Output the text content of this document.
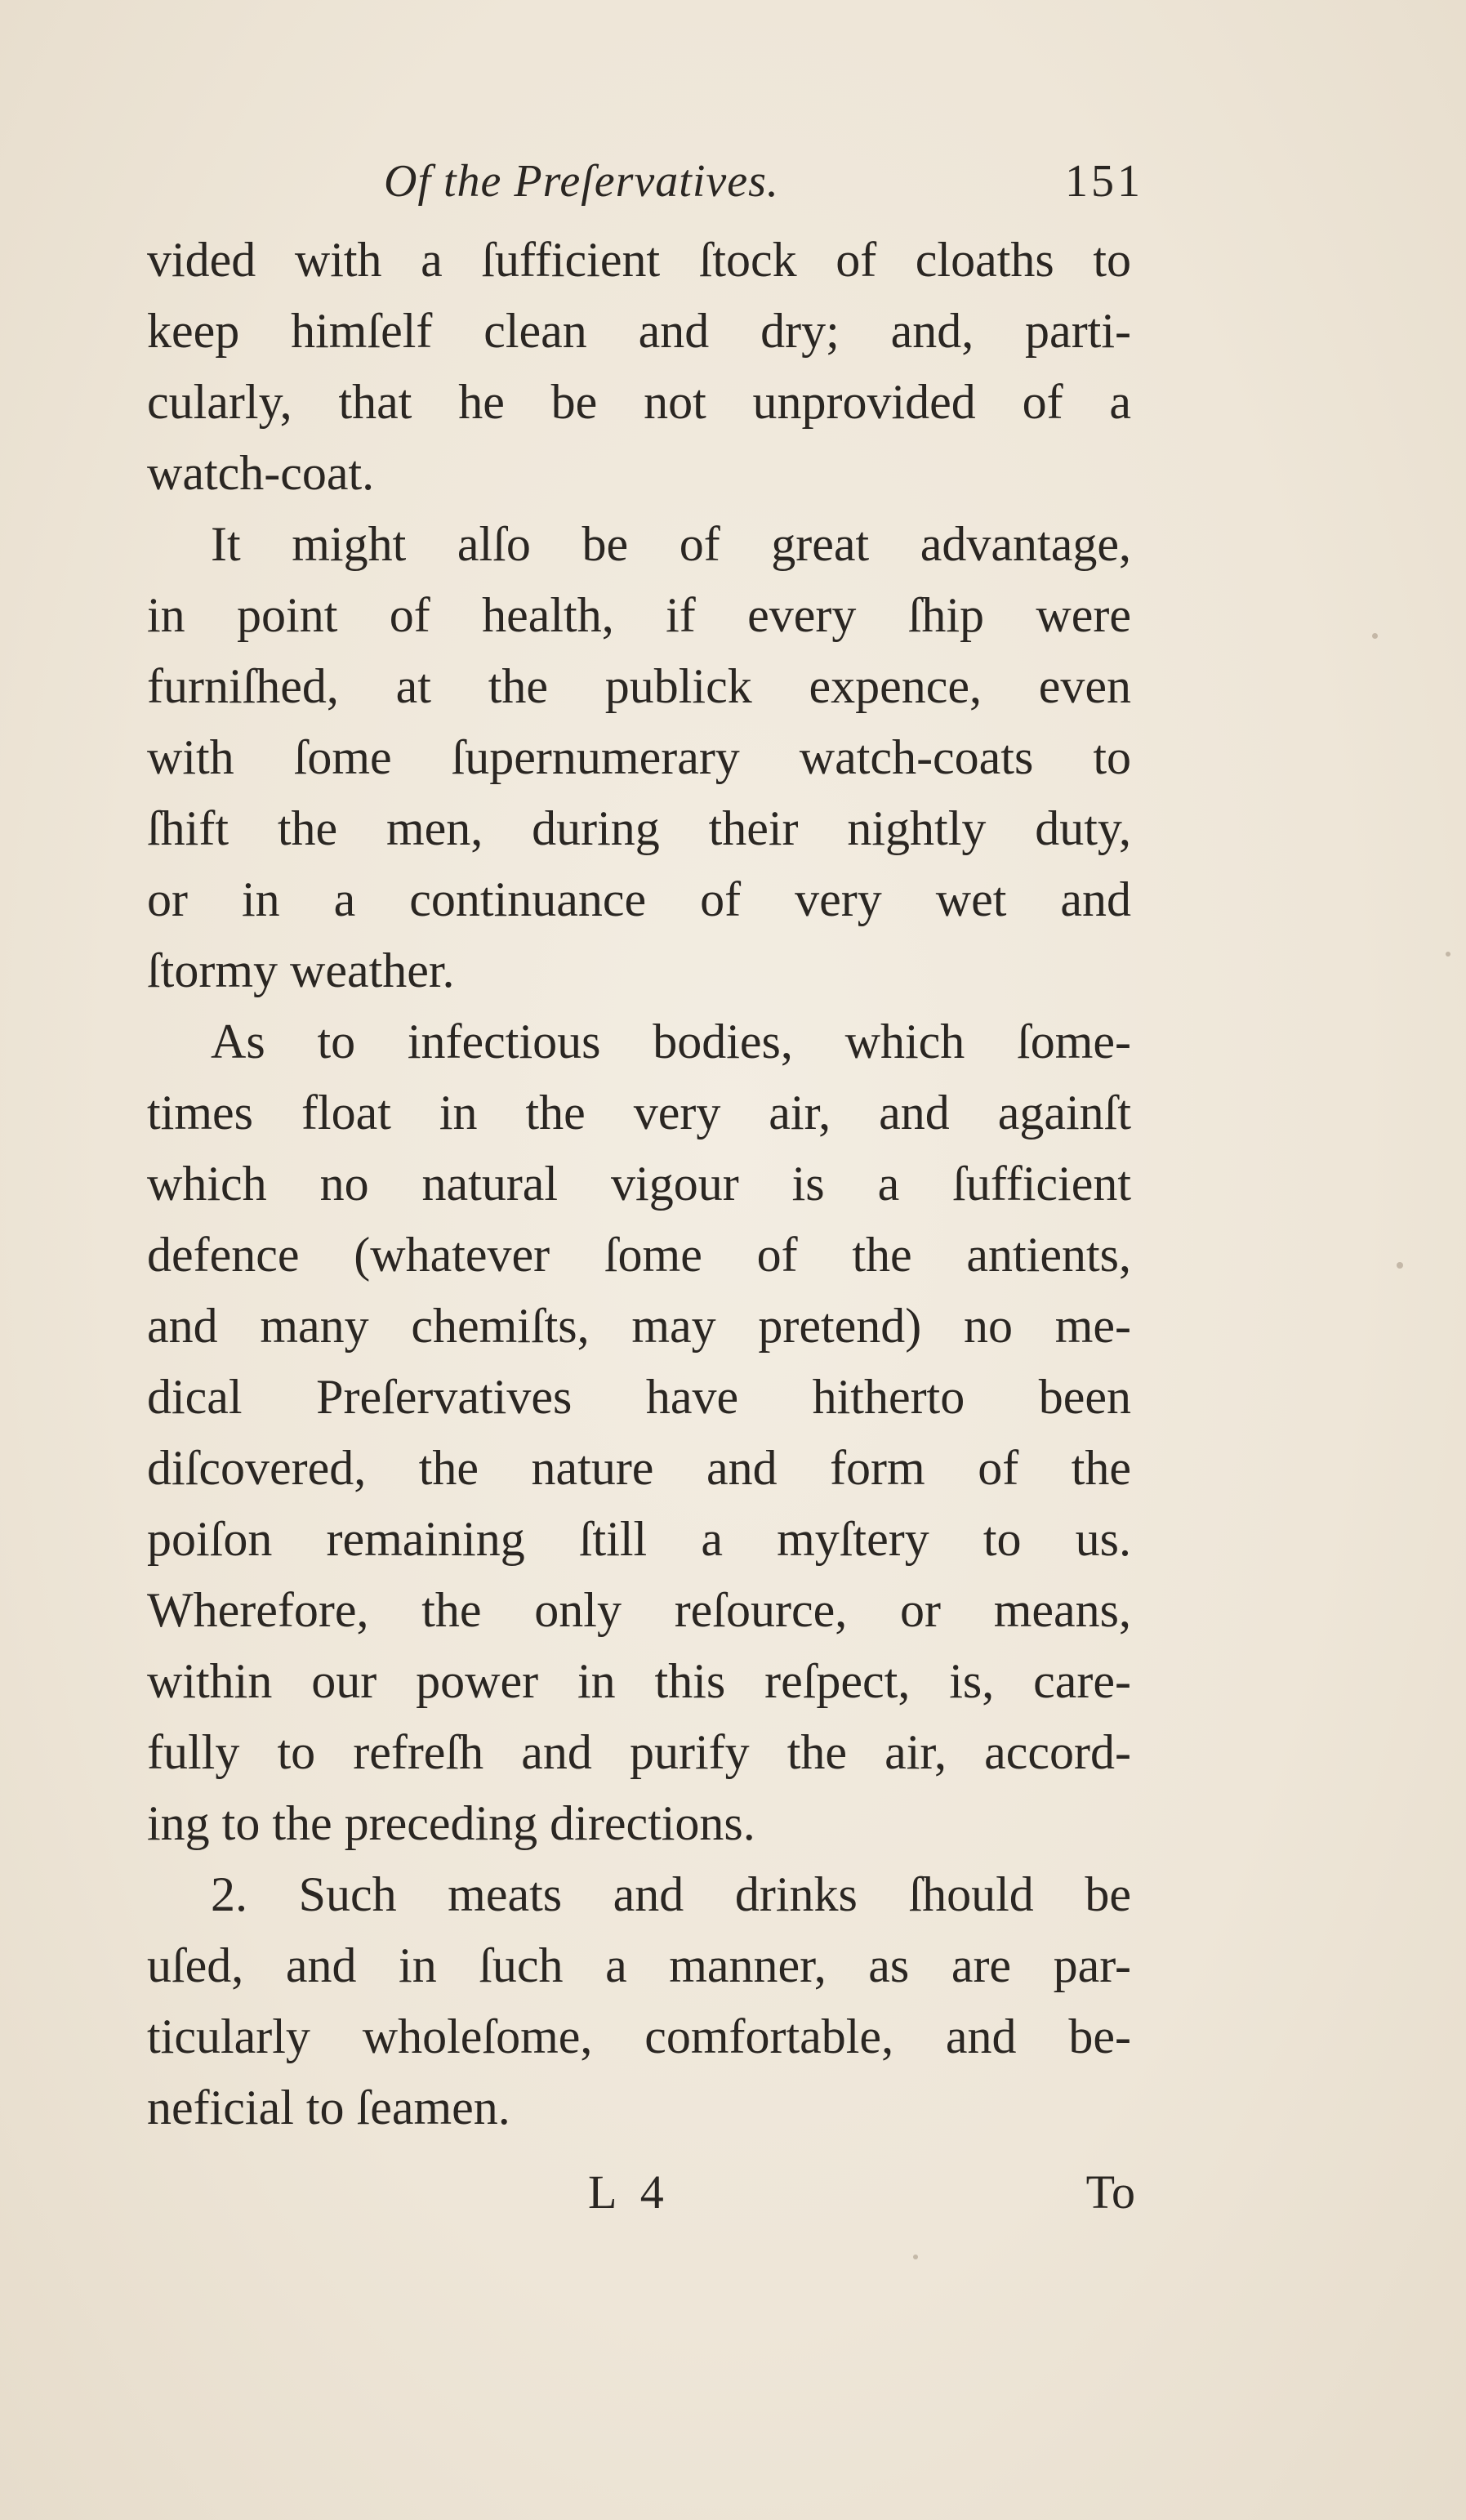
Of the Preſervatives.	151
vided with a ſufficient ſtock of cloaths to
keep himſelf clean and dry; and, parti-
cularly, that he be not unprovided of a
watch-coat.
It might alſo be of great advantage,
in point of health, if every ſhip were
furniſhed, at the publick expence, even
with ſome ſupernumerary watch-coats to
ſhift the men, during their nightly duty,
or in a continuance of very wet and
ſtormy weather.
As to infectious bodies, which ſome-
times float in the very air, and againſt
which no natural vigour is a ſufficient
defence (whatever ſome of the antients,
and many chemiſts, may pretend) no me-
dical Preſervatives have hitherto been
diſcovered, the nature and form of the
poiſon remaining ſtill a myſtery to us.
Wherefore, the only reſource, or means,
within our power in this reſpect, is, care-
fully to refreſh and purify the air, accord-
ing to the preceding directions.
2. Such meats and drinks ſhould be
uſed, and in ſuch a manner, as are par-
ticularly wholeſome, comfortable, and be-
neficial to ſeamen.
L 4	To
